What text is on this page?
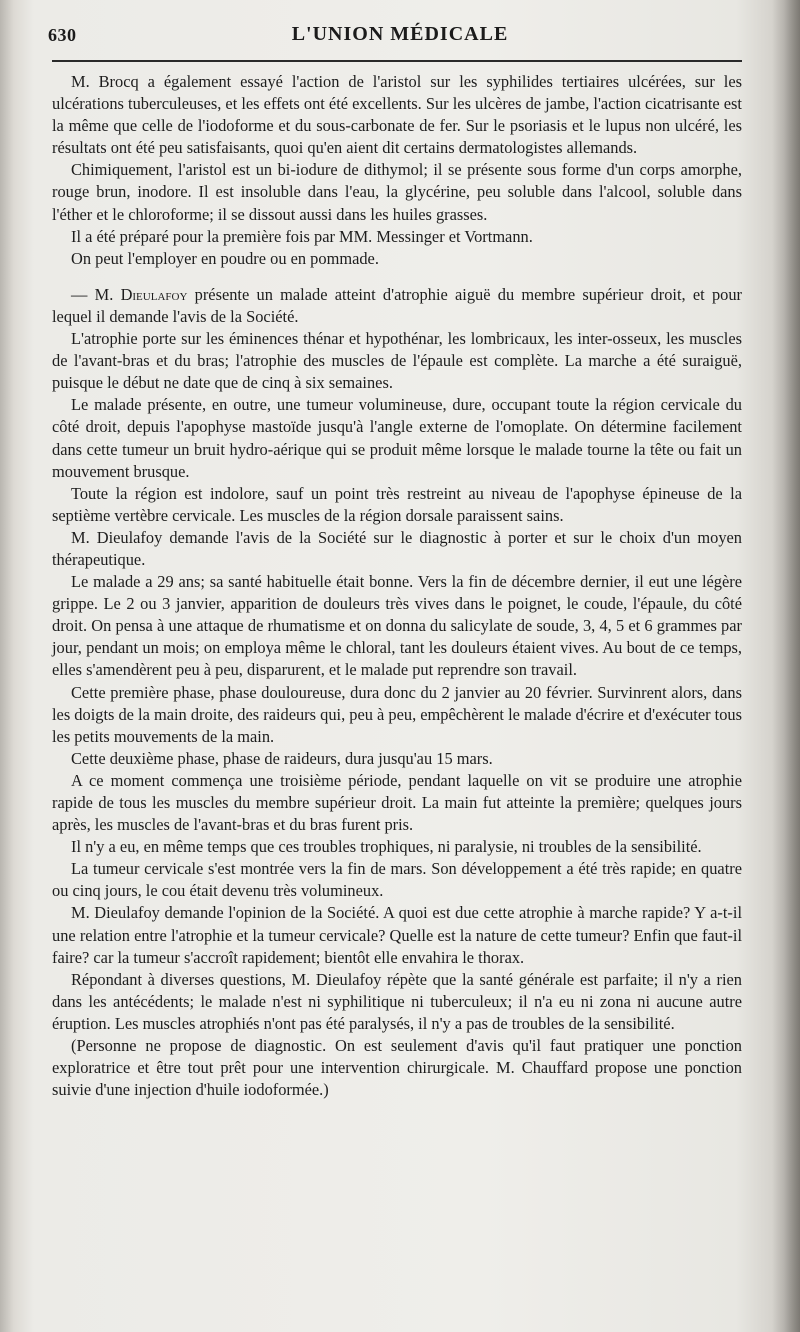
630	L'UNION MÉDICALE

M. Brocq a également essayé l'action de l'aristol sur les syphilides tertiaires ulcérées, sur les ulcérations tuberculeuses, et les effets ont été excellents. Sur les ulcères de jambe, l'action cicatrisante est la même que celle de l'iodoforme et du sous-carbonate de fer. Sur le psoriasis et le lupus non ulcéré, les résultats ont été peu satisfaisants, quoi qu'en aient dit certains dermatologistes allemands.

Chimiquement, l'aristol est un bi-iodure de dithymol; il se présente sous forme d'un corps amorphe, rouge brun, inodore. Il est insoluble dans l'eau, la glycérine, peu soluble dans l'alcool, soluble dans l'éther et le chloroforme; il se dissout aussi dans les huiles grasses.

Il a été préparé pour la première fois par MM. Messinger et Vortmann.

On peut l'employer en poudre ou en pommade.

— M. Dieulafoy présente un malade atteint d'atrophie aiguë du membre supérieur droit, et pour lequel il demande l'avis de la Société.

L'atrophie porte sur les éminences thénar et hypothénar, les lombricaux, les inter-osseux, les muscles de l'avant-bras et du bras; l'atrophie des muscles de l'épaule est complète. La marche a été suraiguë, puisque le début ne date que de cinq à six semaines.

Le malade présente, en outre, une tumeur volumineuse, dure, occupant toute la région cervicale du côté droit, depuis l'apophyse mastoïde jusqu'à l'angle externe de l'omoplate. On détermine facilement dans cette tumeur un bruit hydro-aérique qui se produit même lorsque le malade tourne la tête ou fait un mouvement brusque.

Toute la région est indolore, sauf un point très restreint au niveau de l'apophyse épineuse de la septième vertèbre cervicale. Les muscles de la région dorsale paraissent sains.

M. Dieulafoy demande l'avis de la Société sur le diagnostic à porter et sur le choix d'un moyen thérapeutique.

Le malade a 29 ans; sa santé habituelle était bonne. Vers la fin de décembre dernier, il eut une légère grippe. Le 2 ou 3 janvier, apparition de douleurs très vives dans le poignet, le coude, l'épaule, du côté droit. On pensa à une attaque de rhumatisme et on donna du salicylate de soude, 3, 4, 5 et 6 grammes par jour, pendant un mois; on employa même le chloral, tant les douleurs étaient vives. Au bout de ce temps, elles s'amendèrent peu à peu, disparurent, et le malade put reprendre son travail.

Cette première phase, phase douloureuse, dura donc du 2 janvier au 20 février. Survinrent alors, dans les doigts de la main droite, des raideurs qui, peu à peu, empêchèrent le malade d'écrire et d'exécuter tous les petits mouvements de la main.

Cette deuxième phase, phase de raideurs, dura jusqu'au 15 mars.

A ce moment commença une troisième période, pendant laquelle on vit se produire une atrophie rapide de tous les muscles du membre supérieur droit. La main fut atteinte la première; quelques jours après, les muscles de l'avant-bras et du bras furent pris.

Il n'y a eu, en même temps que ces troubles trophiques, ni paralysie, ni troubles de la sensibilité.

La tumeur cervicale s'est montrée vers la fin de mars. Son développement a été très rapide; en quatre ou cinq jours, le cou était devenu très volumineux.

M. Dieulafoy demande l'opinion de la Société. A quoi est due cette atrophie à marche rapide? Y a-t-il une relation entre l'atrophie et la tumeur cervicale? Quelle est la nature de cette tumeur? Enfin que faut-il faire? car la tumeur s'accroît rapidement; bientôt elle envahira le thorax.

Répondant à diverses questions, M. Dieulafoy répète que la santé générale est parfaite; il n'y a rien dans les antécédents; le malade n'est ni syphilitique ni tuberculeux; il n'a eu ni zona ni aucune autre éruption. Les muscles atrophiés n'ont pas été paralysés, il n'y a pas de troubles de la sensibilité.

(Personne ne propose de diagnostic. On est seulement d'avis qu'il faut pratiquer une ponction exploratrice et être tout prêt pour une intervention chirurgicale. M. Chauffard propose une ponction suivie d'une injection d'huile iodoformée.)
